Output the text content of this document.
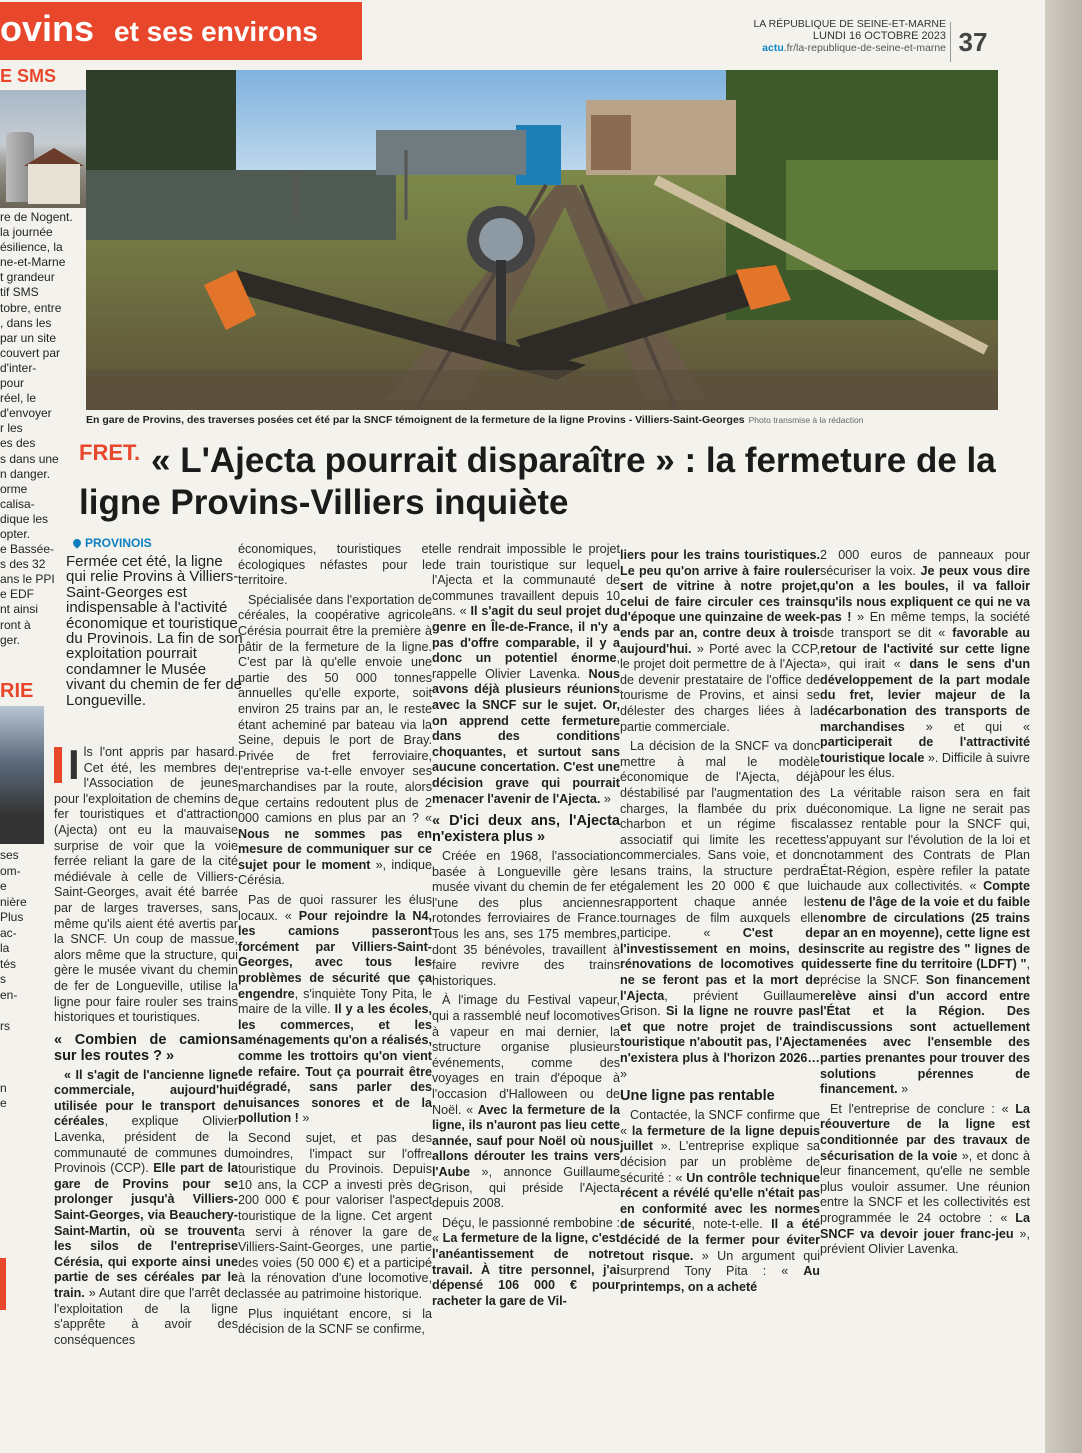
ovins et ses environs	LA RÉPUBLIQUE DE SEINE-ET-MARNE
LUNDI 16 OCTOBRE 2023
actu.fr/la-republique-de-seine-et-marne 37
E SMS
re de Nogent.
la journée
ésilience, la
ne-et-Marne
t grandeur
tif SMS
tobre, entre
, dans les
par un site
couvert par
d'inter-
pour
réel, le
d'envoyer
r les
es des
s dans une
n danger.
orme
calisa-
dique les
opter.
e Bassée-
s des 32
ans le PPI
e EDF
nt ainsi
ront à
ger.
RIE
ses
om-
e
nière
Plus
ac-
la
tés
s
en-

rs

n
e

En gare de Provins, des traverses posées cet été par la SNCF témoignent de la fermeture de la ligne Provins - Villiers-Saint-Georges Photo transmise à la rédaction
FRET. « L'Ajecta pourrait disparaître » : la fermeture de la ligne Provins-Villiers inquiète
PROVINOIS
Fermée cet été, la ligne qui relie Provins à Villiers-Saint-Georges est indispensable à l'activité économique et touristique du Provinois. La fin de son exploitation pourrait condamner le Musée vivant du chemin de fer de Longueville.

I ls l'ont appris par hasard. Cet été, les membres de l'Association de jeunes pour l'exploitation de chemins de fer touristiques et d'attraction (Ajecta) ont eu la mauvaise surprise de voir que la voie ferrée reliant la gare de la cité médiévale à celle de Villiers-Saint-Georges, avait été barrée par de larges traverses, sans même qu'ils aient été avertis par la SNCF. Un coup de massue, alors même que la structure, qui gère le musée vivant du chemin de fer de Longueville, utilise la ligne pour faire rouler ses trains historiques et touristiques.

« Combien de camions sur les routes ? »

« Il s'agit de l'ancienne ligne commerciale, aujourd'hui utilisée pour le transport de céréales, explique Olivier Lavenka, président de la communauté de communes du Provinois (CCP). Elle part de la gare de Provins pour se prolonger jusqu'à Villiers-Saint-Georges, via Beauchery-Saint-Martin, où se trouvent les silos de l'entreprise Cérésia, qui exporte ainsi une partie de ses céréales par le train. » Autant dire que l'arrêt de l'exploitation de la ligne s'apprête à avoir des conséquences

économiques, touristiques et écologiques néfastes pour le territoire.

Spécialisée dans l'exportation de céréales, la coopérative agricole Cérésia pourrait être la première à pâtir de la fermeture de la ligne. C'est par là qu'elle envoie une partie des 50 000 tonnes annuelles qu'elle exporte, soit environ 25 trains par an, le reste étant acheminé par bateau via la Seine, depuis le port de Bray. Privée de fret ferroviaire, l'entreprise va-t-elle envoyer ses marchandises par la route, alors que certains redoutent plus de 2 000 camions en plus par an ? « Nous ne sommes pas en mesure de communiquer sur ce sujet pour le moment », indique Cérésia.

Pas de quoi rassurer les élus locaux. « Pour rejoindre la N4, les camions passeront forcément par Villiers-Saint-Georges, avec tous les problèmes de sécurité que ça engendre, s'inquiète Tony Pita, le maire de la ville. Il y a les écoles, les commerces, et les aménagements qu'on a réalisés, comme les trottoirs qu'on vient de refaire. Tout ça pourrait être dégradé, sans parler des nuisances sonores et de la pollution ! »

Second sujet, et pas des moindres, l'impact sur l'offre touristique du Provinois. Depuis 10 ans, la CCP a investi près de 200 000 € pour valoriser l'aspect touristique de la ligne. Cet argent a servi à rénover la gare de Villiers-Saint-Georges, une partie des voies (50 000 €) et a participé à la rénovation d'une locomotive, classée au patrimoine historique.

Plus inquiétant encore, si la décision de la SCNF se confirme,

elle rendrait impossible le projet de train touristique sur lequel l'Ajecta et la communauté de communes travaillent depuis 10 ans. « Il s'agit du seul projet du genre en Île-de-France, il n'y a pas d'offre comparable, il y a donc un potentiel énorme, rappelle Olivier Lavenka. Nous avons déjà plusieurs réunions avec la SNCF sur le sujet. Or, on apprend cette fermeture dans des conditions choquantes, et surtout sans aucune concertation. C'est une décision grave qui pourrait menacer l'avenir de l'Ajecta. »

« D'ici deux ans, l'Ajecta n'existera plus »

Créée en 1968, l'association basée à Longueville gère le musée vivant du chemin de fer et l'une des plus anciennes rotondes ferroviaires de France. Tous les ans, ses 175 membres, dont 35 bénévoles, travaillent à faire revivre des trains historiques.

À l'image du Festival vapeur, qui a rassemblé neuf locomotives à vapeur en mai dernier, la structure organise plusieurs événements, comme des voyages en train d'époque à l'occasion d'Halloween ou de Noël. « Avec la fermeture de la ligne, ils n'auront pas lieu cette année, sauf pour Noël où nous allons dérouter les trains vers l'Aube », annonce Guillaume Grison, qui préside l'Ajecta depuis 2008.

Déçu, le passionné rembobine : « La fermeture de la ligne, c'est l'anéantissement de notre travail. À titre personnel, j'ai dépensé 106 000 € pour racheter la gare de Vil-

liers pour les trains touristiques. Le peu qu'on arrive à faire rouler sert de vitrine à notre projet, celui de faire circuler ces trains d'époque une quinzaine de week-ends par an, contre deux à trois aujourd'hui. » Porté avec la CCP, le projet doit permettre de à l'Ajecta de devenir prestataire de l'office de tourisme de Provins, et ainsi se délester des charges liées à la partie commerciale.

La décision de la SNCF va donc mettre à mal le modèle économique de l'Ajecta, déjà déstabilisé par l'augmentation des charges, la flambée du prix du charbon et un régime fiscal associatif qui limite les recettes commerciales. Sans voie, et donc sans trains, la structure perdra également les 20 000 € que lui rapportent chaque année les tournages de film auxquels elle participe. « C'est de l'investissement en moins, des rénovations de locomotives qui ne se feront pas et la mort de l'Ajecta, prévient Guillaume Grison. Si la ligne ne rouvre pas et que notre projet de train touristique n'aboutit pas, l'Ajecta n'existera plus à l'horizon 2026… »

Une ligne pas rentable

Contactée, la SNCF confirme que « la fermeture de la ligne depuis juillet ». L'entreprise explique sa décision par un problème de sécurité : « Un contrôle technique récent a révélé qu'elle n'était pas en conformité avec les normes de sécurité, note-t-elle. Il a été décidé de la fermer pour éviter tout risque. » Un argument qui surprend Tony Pita : « Au printemps, on a acheté

2 000 euros de panneaux pour sécuriser la voix. Je peux vous dire qu'on a les boules, il va falloir qu'ils nous expliquent ce qui ne va pas ! » En même temps, la société de transport se dit « favorable au retour de l'activité sur cette ligne », qui irait « dans le sens d'un développement de la part modale du fret, levier majeur de la décarbonation des transports de marchandises » et qui « participerait de l'attractivité touristique locale ». Difficile à suivre pour les élus.

La véritable raison sera en fait économique. La ligne ne serait pas assez rentable pour la SNCF qui, s'appuyant sur l'évolution de la loi et notamment des Contrats de Plan État-Région, espère refiler la patate chaude aux collectivités. « Compte tenu de l'âge de la voie et du faible nombre de circulations (25 trains par an en moyenne), cette ligne est inscrite au registre des " lignes de desserte fine du territoire (LDFT) ", précise la SNCF. Son financement relève ainsi d'un accord entre l'État et la Région. Des discussions sont actuellement menées avec l'ensemble des parties prenantes pour trouver des solutions pérennes de financement. »

Et l'entreprise de conclure : « La réouverture de la ligne est conditionnée par des travaux de sécurisation de la voie », et donc à leur financement, qu'elle ne semble plus vouloir assumer. Une réunion entre la SNCF et les collectivités est programmée le 24 octobre : « La SNCF va devoir jouer franc-jeu », prévient Olivier Lavenka.
